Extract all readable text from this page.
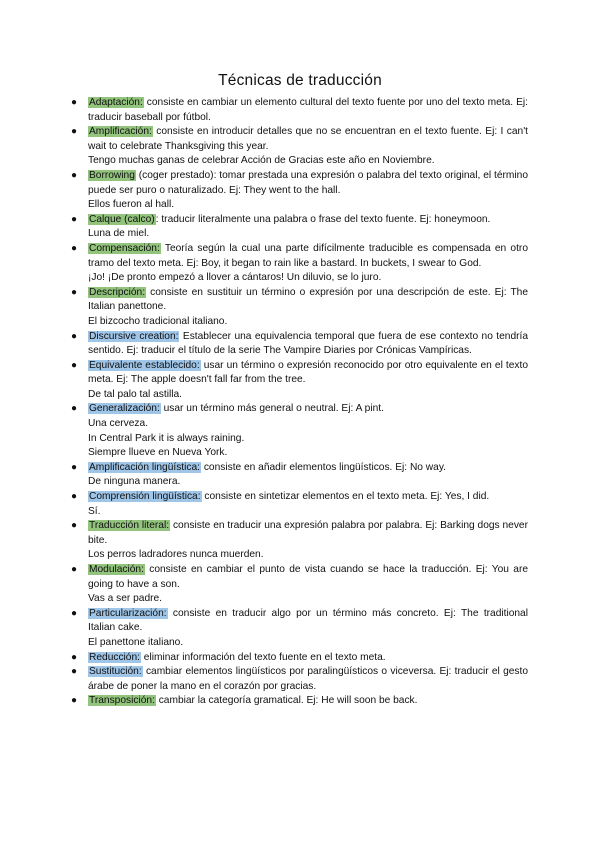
Técnicas de traducción
● Adaptación: consiste en cambiar un elemento cultural del texto fuente por uno del texto meta. Ej: traducir baseball por fútbol.
● Amplificación: consiste en introducir detalles que no se encuentran en el texto fuente. Ej: I can't wait to celebrate Thanksgiving this year.
Tengo muchas ganas de celebrar Acción de Gracias este año en Noviembre.
● Borrowing (coger prestado): tomar prestada una expresión o palabra del texto original, el término puede ser puro o naturalizado. Ej: They went to the hall.
Ellos fueron al hall.
● Calque (calco): traducir literalmente una palabra o frase del texto fuente. Ej: honeymoon.
Luna de miel.
● Compensación: Teoría según la cual una parte difícilmente traducible es compensada en otro tramo del texto meta. Ej: Boy, it began to rain like a bastard. In buckets, I swear to God.
¡Jo! ¡De pronto empezó a llover a cántaros! Un diluvio, se lo juro.
● Descripción: consiste en sustituir un término o expresión por una descripción de este. Ej: The Italian panettone.
El bizcocho tradicional italiano.
● Discursive creation: Establecer una equivalencia temporal que fuera de ese contexto no tendría sentido. Ej: traducir el título de la serie The Vampire Diaries por Crónicas Vampíricas.
● Equivalente establecido: usar un término o expresión reconocido por otro equivalente en el texto meta. Ej: The apple doesn't fall far from the tree.
De tal palo tal astilla.
● Generalización: usar un término más general o neutral. Ej: A pint.
Una cerveza.
In Central Park it is always raining.
Siempre llueve en Nueva York.
● Amplificación lingüística: consiste en añadir elementos lingüísticos. Ej: No way.
De ninguna manera.
● Comprensión lingüística: consiste en sintetizar elementos en el texto meta. Ej: Yes, I did.
Sí.
● Traducción literal: consiste en traducir una expresión palabra por palabra. Ej: Barking dogs never bite.
Los perros ladradores nunca muerden.
● Modulación: consiste en cambiar el punto de vista cuando se hace la traducción. Ej: You are going to have a son.
Vas a ser padre.
● Particularización: consiste en traducir algo por un término más concreto. Ej: The traditional Italian cake.
El panettone italiano.
● Reducción: eliminar información del texto fuente en el texto meta.
● Sustitución: cambiar elementos lingüísticos por paralingüísticos o viceversa. Ej: traducir el gesto árabe de poner la mano en el corazón por gracias.
● Transposición: cambiar la categoría gramatical. Ej: He will soon be back.
